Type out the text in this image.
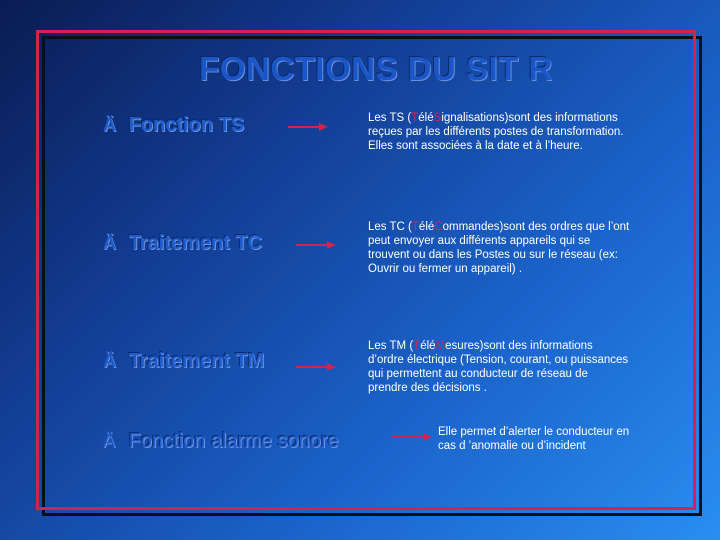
FONCTIONS DU SIT R
Ä Fonction TS	Les TS (TéléSignalisations)sont des informations reçues par les différents postes de transformation. Elles sont associées à la date et à l’heure.
Ä Traitement TC
Les TC (TéléCommandes)sont des ordres que l’ont peut envoyer aux différents appareils qui se trouvent ou dans les Postes ou sur le réseau (ex: Ouvrir ou fermer un appareil) .
Ä Traitement TM
Les TM (TéléMesures)sont des informations d’ordre électrique (Tension, courant, ou puissances qui permettent au conducteur de réseau de prendre des décisions .
Ä Fonction alarme sonore	Elle permet d’alerter le conducteur en cas d ’anomalie ou d’incident
